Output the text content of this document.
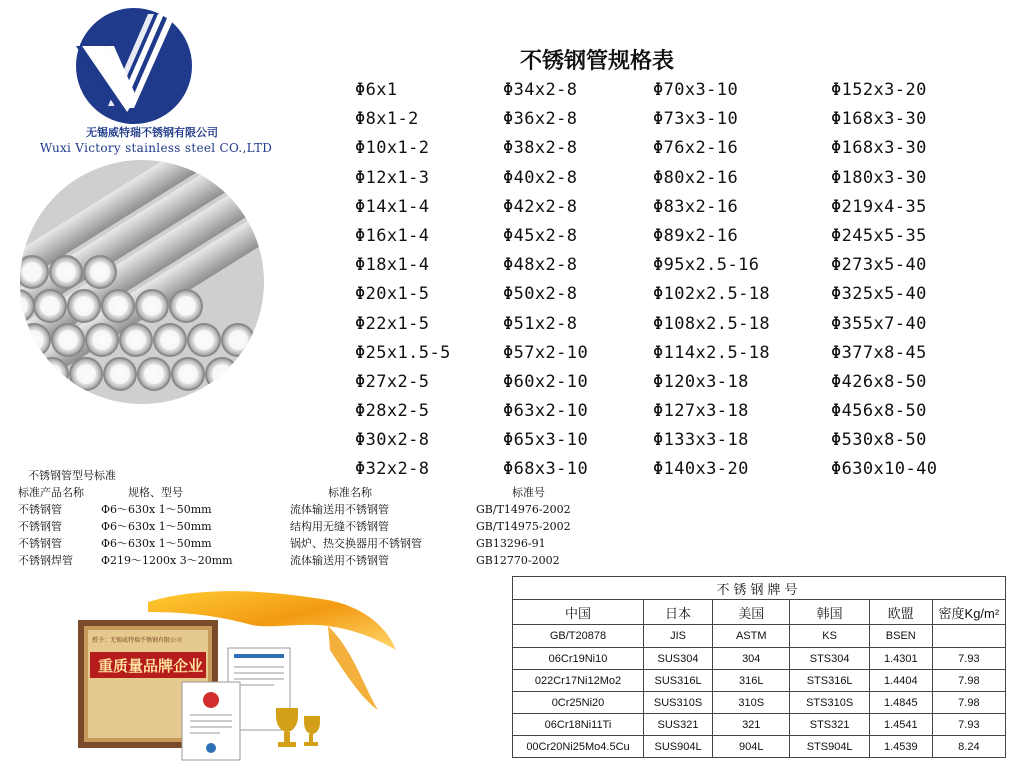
无锡威特瑞不锈钢有限公司
Wuxi Victory stainless steel CO.,LTD
不锈钢管规格表
Φ6x1	Φ34x2-8	Φ70x3-10	Φ152x3-20
Φ8x1-2	Φ36x2-8	Φ73x3-10	Φ168x3-30
Φ10x1-2	Φ38x2-8	Φ76x2-16	Φ168x3-30
Φ12x1-3	Φ40x2-8	Φ80x2-16	Φ180x3-30
Φ14x1-4	Φ42x2-8	Φ83x2-16	Φ219x4-35
Φ16x1-4	Φ45x2-8	Φ89x2-16	Φ245x5-35
Φ18x1-4	Φ48x2-8	Φ95x2.5-16	Φ273x5-40
Φ20x1-5	Φ50x2-8	Φ102x2.5-18	Φ325x5-40
Φ22x1-5	Φ51x2-8	Φ108x2.5-18	Φ355x7-40
Φ25x1.5-5	Φ57x2-10	Φ114x2.5-18	Φ377x8-45
Φ27x2-5	Φ60x2-10	Φ120x3-18	Φ426x8-50
Φ28x2-5	Φ63x2-10	Φ127x3-18	Φ456x8-50
Φ30x2-8	Φ65x3-10	Φ133x3-18	Φ530x8-50
Φ32x2-8	Φ68x3-10	Φ140x3-20	Φ630x10-40
不锈钢管型号标准
标准产品名称	规格、型号	标准名称	标准号
不锈钢管	Φ6～630x 1～50mm	流体输送用不锈钢管	GB/T14976-2002
不锈钢管	Φ6～630x 1～50mm	结构用无缝不锈钢管	GB/T14975-2002
不锈钢管	Φ6～630x 1～50mm	锅炉、热交换器用不锈钢管	GB13296-91
不锈钢焊管	Φ219～1200x 3～20mm	流体输送用不锈钢管	GB12770-2002
授予：无锡威特瑞不锈钢有限公司
重质量品牌企业
不锈钢牌号					
中国	日本	美国	韩国	欧盟	密度Kg/m²
GB/T20878	JIS	ASTM	KS	BSEN	
06Cr19Ni10	SUS304	304	STS304	1.4301	7.93
022Cr17Ni12Mo2	SUS316L	316L	STS316L	1.4404	7.98
0Cr25Ni20	SUS310S	310S	STS310S	1.4845	7.98
06Cr18Ni11Ti	SUS321	321	STS321	1.4541	7.93
00Cr20Ni25Mo4.5Cu	SUS904L	904L	STS904L	1.4539	8.24
